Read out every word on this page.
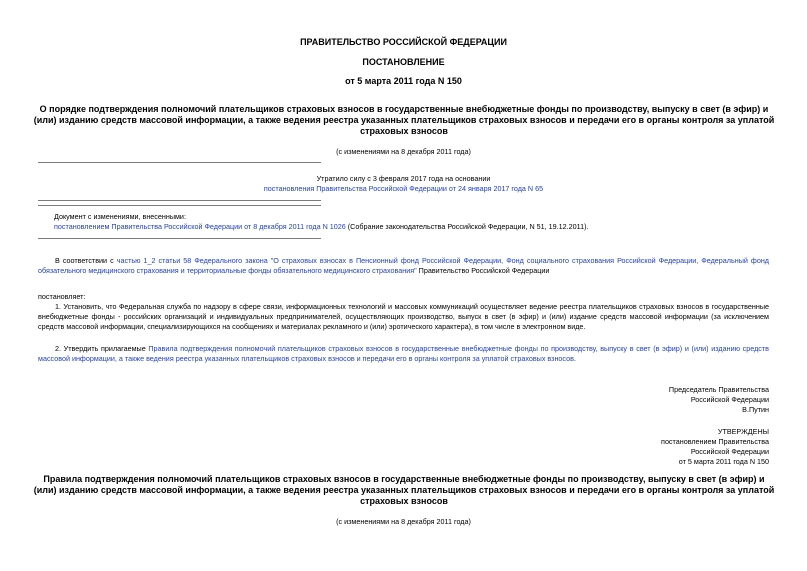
ПРАВИТЕЛЬСТВО РОССИЙСКОЙ ФЕДЕРАЦИИ
ПОСТАНОВЛЕНИЕ
от 5 марта 2011 года N 150
О порядке подтверждения полномочий плательщиков страховых взносов в государственные внебюджетные фонды по производству, выпуску в свет (в эфир) и (или) изданию средств массовой информации, а также ведения реестра указанных плательщиков страховых взносов и передачи его в органы контроля за уплатой страховых взносов
(с изменениями на 8 декабря 2011 года)
Утратило силу с 3 февраля 2017 года на основании
постановления Правительства Российской Федерации от 24 января 2017 года N 65
Документ с изменениями, внесенными:
постановлением Правительства Российской Федерации от 8 декабря 2011 года N 1026 (Собрание законодательства Российской Федерации, N 51, 19.12.2011).
В соответствии с частью 1_2 статьи 58 Федерального закона "О страховых взносах в Пенсионный фонд Российской Федерации, Фонд социального страхования Российской Федерации, Федеральный фонд обязательного медицинского страхования и территориальные фонды обязательного медицинского страхования" Правительство Российской Федерации
постановляет:
1. Установить, что Федеральная служба по надзору в сфере связи, информационных технологий и массовых коммуникаций осуществляет ведение реестра плательщиков страховых взносов в государственные внебюджетные фонды - российских организаций и индивидуальных предпринимателей, осуществляющих производство, выпуск в свет (в эфир) и (или) издание средств массовой информации (за исключением средств массовой информации, специализирующихся на сообщениях и материалах рекламного и (или) эротического характера), в том числе в электронном виде.
2. Утвердить прилагаемые Правила подтверждения полномочий плательщиков страховых взносов в государственные внебюджетные фонды по производству, выпуску в свет (в эфир) и (или) изданию средств массовой информации, а также ведения реестра указанных плательщиков страховых взносов и передачи его в органы контроля за уплатой страховых взносов.

Председатель Правительства

Российской Федерации

В.Путин

УТВЕРЖДЕНЫ

постановлением Правительства

Российской Федерации

от 5 марта 2011 года N 150

Правила подтверждения полномочий плательщиков страховых взносов в государственные внебюджетные фонды по производству, выпуску в свет (в эфир) и (или) изданию средств массовой информации, а также ведения реестра указанных плательщиков страховых взносов и передачи его в органы контроля за уплатой страховых взносов
(с изменениями на 8 декабря 2011 года)
